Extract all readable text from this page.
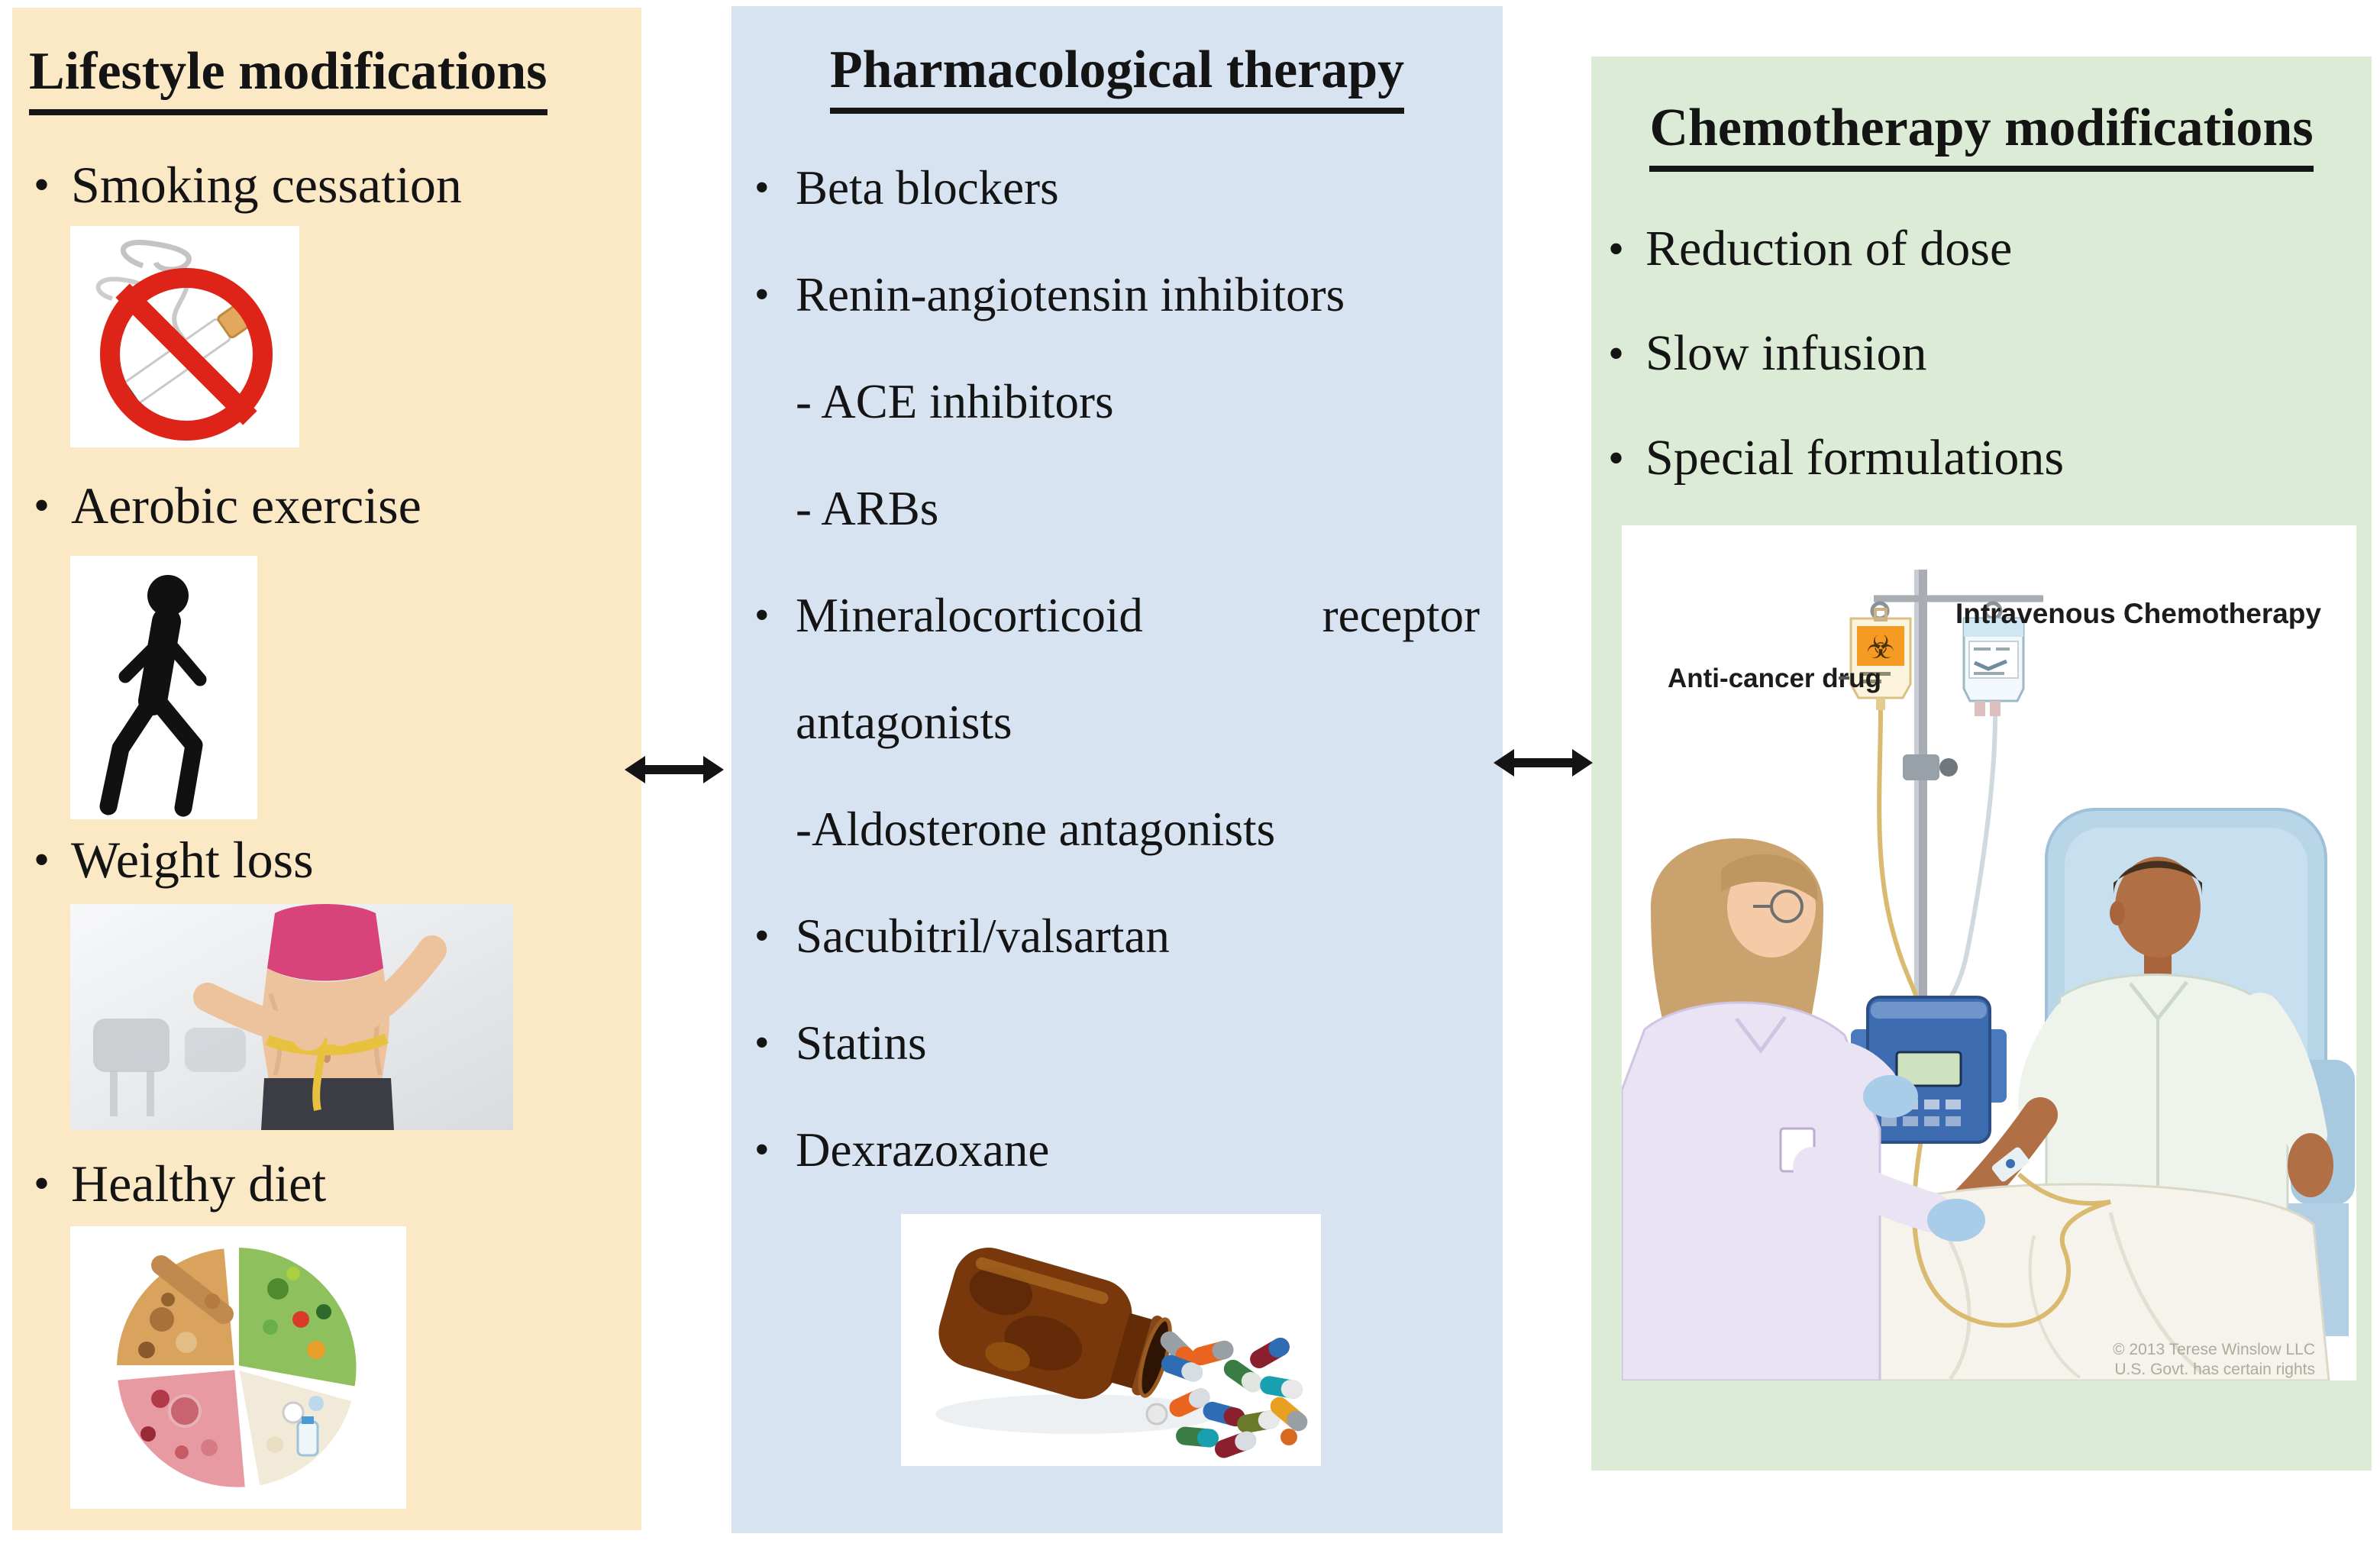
Lifestyle modifications
• Smoking cessation
• Aerobic exercise
• Weight loss
• Healthy diet
Pharmacological therapy
• Beta blockers
• Renin-angiotensin inhibitors
- ACE inhibitors
- ARBs
• Mineralocorticoid	receptor
antagonists
-Aldosterone antagonists
• Sacubitril/valsartan
• Statins
• Dexrazoxane
Chemotherapy modifications
• Reduction of dose
• Slow infusion
• Special formulations
☣
Intravenous Chemotherapy
Anti-cancer drug
© 2013 Terese Winslow LLC
U.S. Govt. has certain rights
